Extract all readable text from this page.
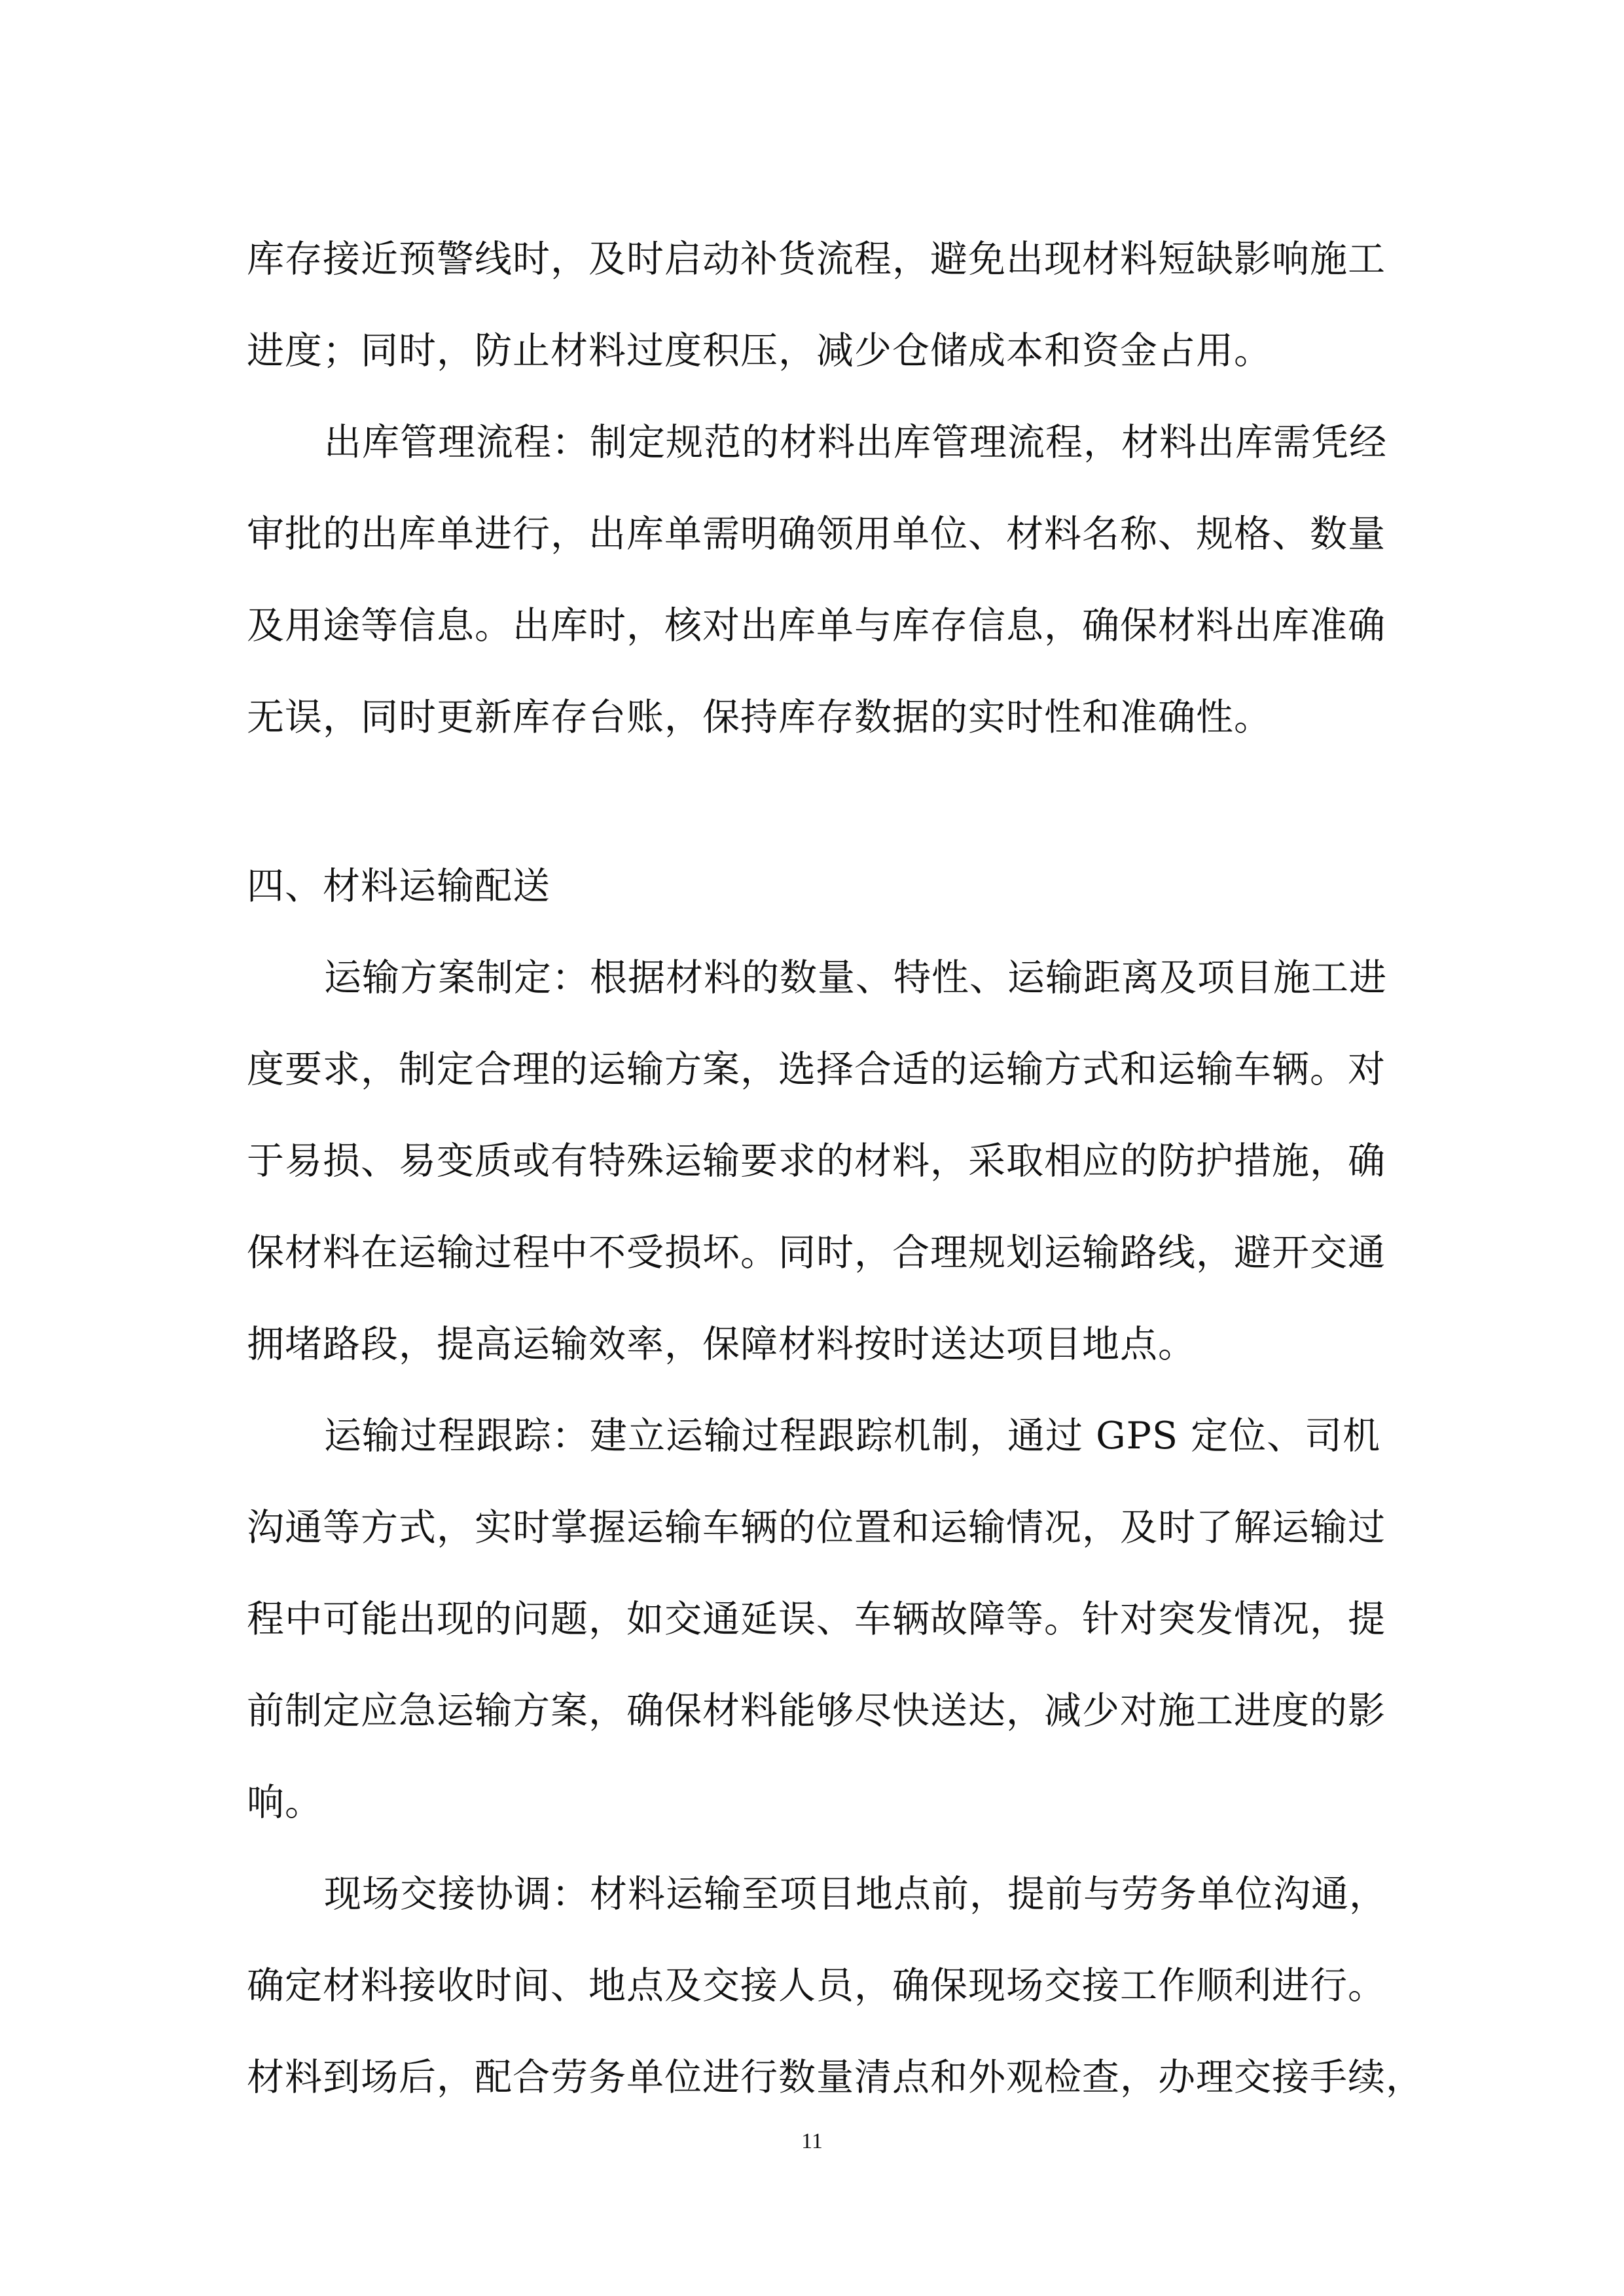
库存接近预警线时，及时启动补货流程，避免出现材料短缺影响施工
进度；同时，防止材料过度积压，减少仓储成本和资金占用。
出库管理流程：制定规范的材料出库管理流程，材料出库需凭经
审批的出库单进行，出库单需明确领用单位、材料名称、规格、数量
及用途等信息。出库时，核对出库单与库存信息，确保材料出库准确
无误，同时更新库存台账，保持库存数据的实时性和准确性。
四、材料运输配送
运输方案制定：根据材料的数量、特性、运输距离及项目施工进
度要求，制定合理的运输方案，选择合适的运输方式和运输车辆。对
于易损、易变质或有特殊运输要求的材料，采取相应的防护措施，确
保材料在运输过程中不受损坏。同时，合理规划运输路线，避开交通
拥堵路段，提高运输效率，保障材料按时送达项目地点。
运输过程跟踪：建立运输过程跟踪机制，通过 GPS 定位、司机
沟通等方式，实时掌握运输车辆的位置和运输情况，及时了解运输过
程中可能出现的问题，如交通延误、车辆故障等。针对突发情况，提
前制定应急运输方案，确保材料能够尽快送达，减少对施工进度的影
响。
现场交接协调：材料运输至项目地点前，提前与劳务单位沟通，
确定材料接收时间、地点及交接人员，确保现场交接工作顺利进行。
材料到场后，配合劳务单位进行数量清点和外观检查，办理交接手续，
11
